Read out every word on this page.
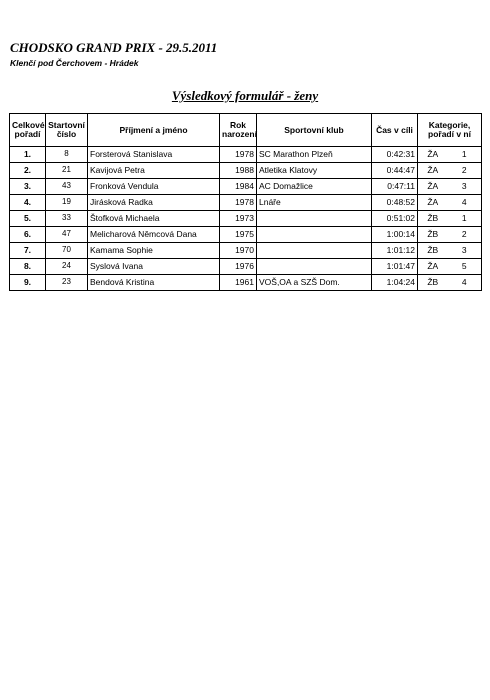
CHODSKO GRAND PRIX - 29.5.2011
Klenčí pod Čerchovem - Hrádek
Výsledkový formulář - ženy
Celkové pořadí	Startovní číslo	Příjmení a jméno	Rok narození	Sportovní klub	Čas v cíli	Kategorie, pořadí v ní	
1.	8	Forsterová Stanislava	1978	SC Marathon Plzeň	0:42:31	ŽA	1
2.	21	Kavijová Petra	1988	Atletika Klatovy	0:44:47	ŽA	2
3.	43	Fronková Vendula	1984	AC Domažlice	0:47:11	ŽA	3
4.	19	Jirásková Radka	1978	Lnáře	0:48:52	ŽA	4
5.	33	Štofková Michaela	1973		0:51:02	ŽB	1
6.	47	Melicharová Němcová Dana	1975		1:00:14	ŽB	2
7.	70	Kamama Sophie	1970		1:01:12	ŽB	3
8.	24	Syslová Ivana	1976		1:01:47	ŽA	5
9.	23	Bendová Kristina	1961	VOŠ,OA a SZŠ Dom.	1:04:24	ŽB	4
